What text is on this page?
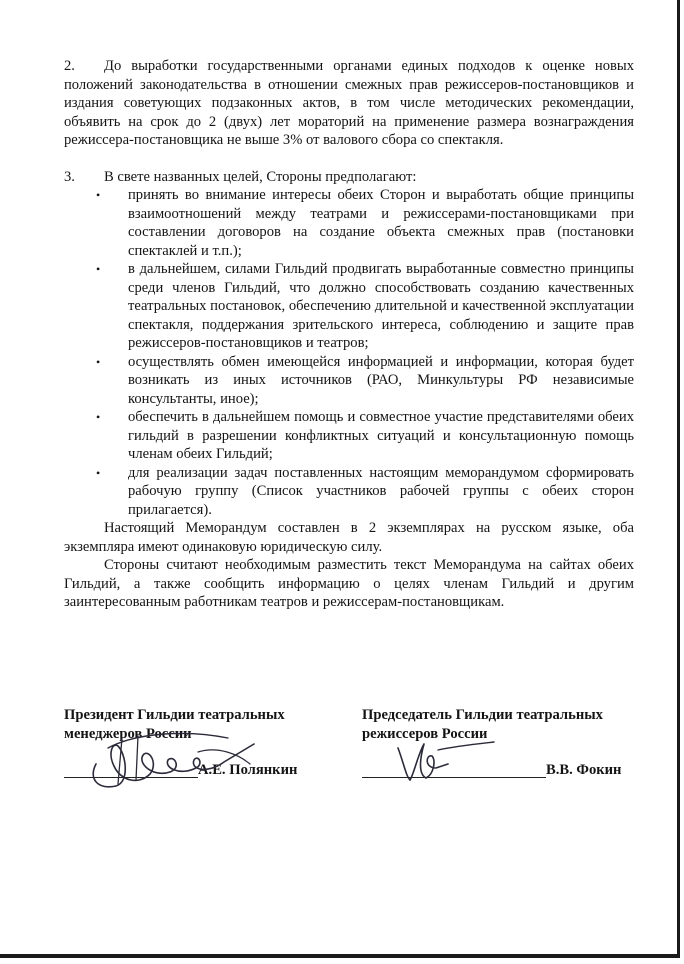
2. До выработки государственными органами единых подходов к оценке новых положений законодательства в отношении смежных прав режиссеров-постановщиков и издания советующих подзаконных актов, в том числе методических рекомендации, объявить на срок до 2 (двух) лет мораторий на применение размера вознаграждения режиссера-постановщика не выше 3% от валового сбора со спектакля.

3. В свете названных целей, Стороны предполагают:

• принять во внимание интересы обеих Сторон и выработать общие принципы взаимоотношений между театрами и режиссерами-постановщиками при составлении договоров на создание объекта смежных прав (постановки спектаклей и т.п.);
• в дальнейшем, силами Гильдий продвигать выработанные совместно принципы среди членов Гильдий, что должно способствовать созданию качественных театральных постановок, обеспечению длительной и качественной эксплуатации спектакля, поддержания зрительского интереса, соблюдению и защите прав режиссеров-постановщиков и театров;
• осуществлять обмен имеющейся информацией и информации, которая будет возникать из иных источников (РАО, Минкультуры РФ независимые консультанты, иное);
• обеспечить в дальнейшем помощь и совместное участие представителями обеих гильдий в разрешении конфликтных ситуаций и консультационную помощь членам обеих Гильдий;
• для реализации задач поставленных настоящим меморандумом сформировать рабочую группу (Список участников рабочей группы с обеих сторон прилагается).

Настоящий Меморандум составлен в 2 экземплярах на русском языке, оба экземпляра имеют одинаковую юридическую силу.

Стороны считают необходимым разместить текст Меморандума на сайтах обеих Гильдий, а также сообщить информацию о целях членам Гильдий и другим заинтересованным работникам театров и режиссерам-постановщикам.

Президент Гильдии театральных
менеджеров России
А.Е. Полянкин
Председатель Гильдии театральных
режиссеров России
В.В. Фокин
